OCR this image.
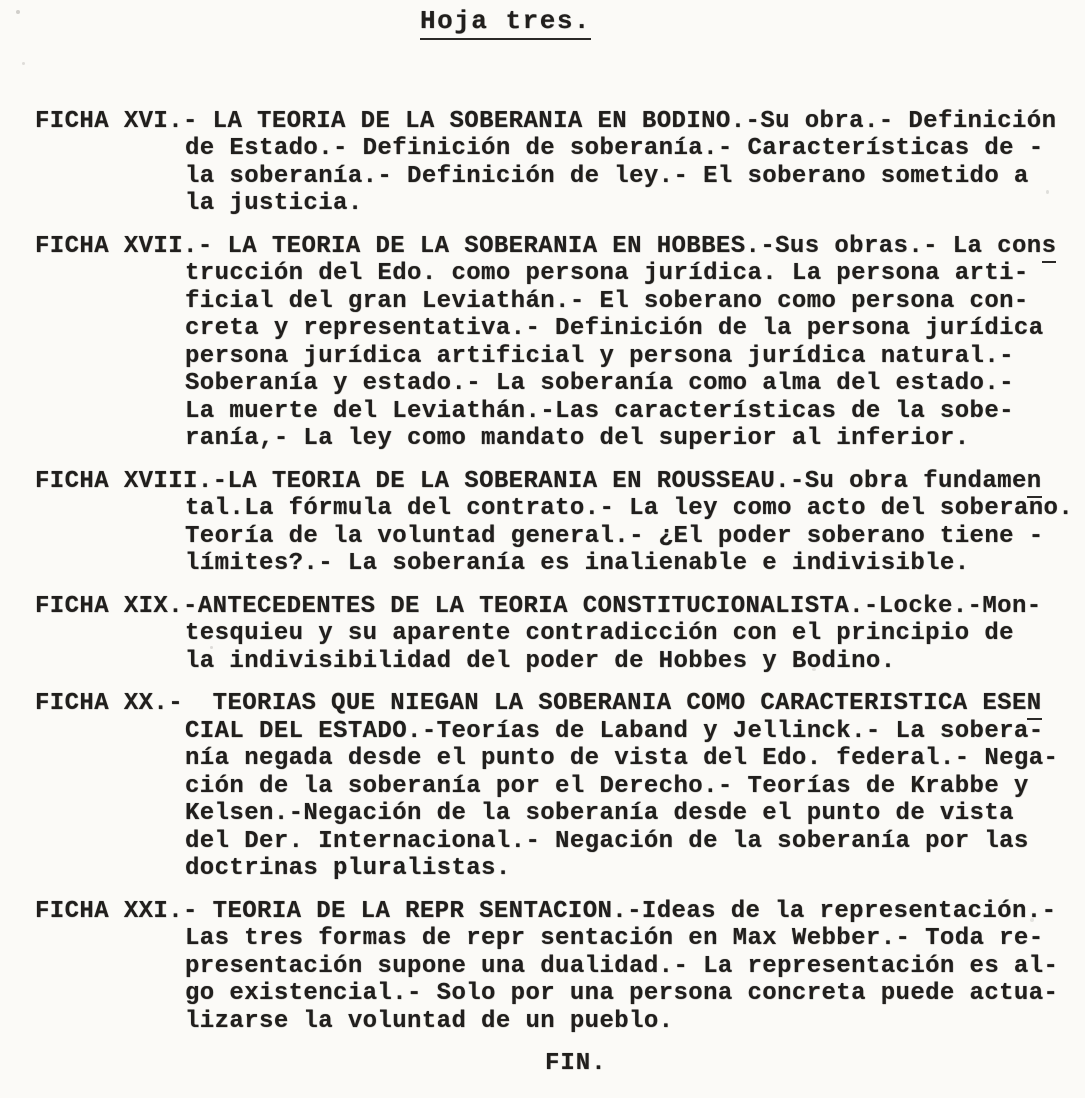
Hoja tres.
FICHA XVI.- LA TEORIA DE LA SOBERANIA EN BODINO.-Su obra.- Definición
de Estado.- Definición de soberanía.- Características de -
la soberanía.- Definición de ley.- El soberano sometido a
la justicia.
FICHA XVII.- LA TEORIA DE LA SOBERANIA EN HOBBES.-Sus obras.- La cons
trucción del Edo. como persona jurídica. La persona arti-
ficial del gran Leviathán.- El soberano como persona con-
creta y representativa.- Definición de la persona jurídica
persona jurídica artificial y persona jurídica natural.-
Soberanía y estado.- La soberanía como alma del estado.-
La muerte del Leviathán.-Las características de la sobe-
ranía,- La ley como mandato del superior al inferior.
FICHA XVIII.-LA TEORIA DE LA SOBERANIA EN ROUSSEAU.-Su obra fundamen
tal.La fórmula del contrato.- La ley como acto del soberano.
Teoría de la voluntad general.- ¿El poder soberano tiene -
límites?.- La soberanía es inalienable e indivisible.
FICHA XIX.-ANTECEDENTES DE LA TEORIA CONSTITUCIONALISTA.-Locke.-Mon-
tesquieu y su aparente contradicción con el principio de
la indivisibilidad del poder de Hobbes y Bodino.
FICHA XX.-  TEORIAS QUE NIEGAN LA SOBERANIA COMO CARACTERISTICA ESEN
CIAL DEL ESTADO.-Teorías de Laband y Jellinck.- La sobera-
nía negada desde el punto de vista del Edo. federal.- Nega-
ción de la soberanía por el Derecho.- Teorías de Krabbe y
Kelsen.-Negación de la soberanía desde el punto de vista
del Der. Internacional.- Negación de la soberanía por las
doctrinas pluralistas.
FICHA XXI.- TEORIA DE LA REPR SENTACION.-Ideas de la representación.-
Las tres formas de repr sentación en Max Webber.- Toda re-
presentación supone una dualidad.- La representación es al-
go existencial.- Solo por una persona concreta puede actua-
lizarse la voluntad de un pueblo.
FIN.
